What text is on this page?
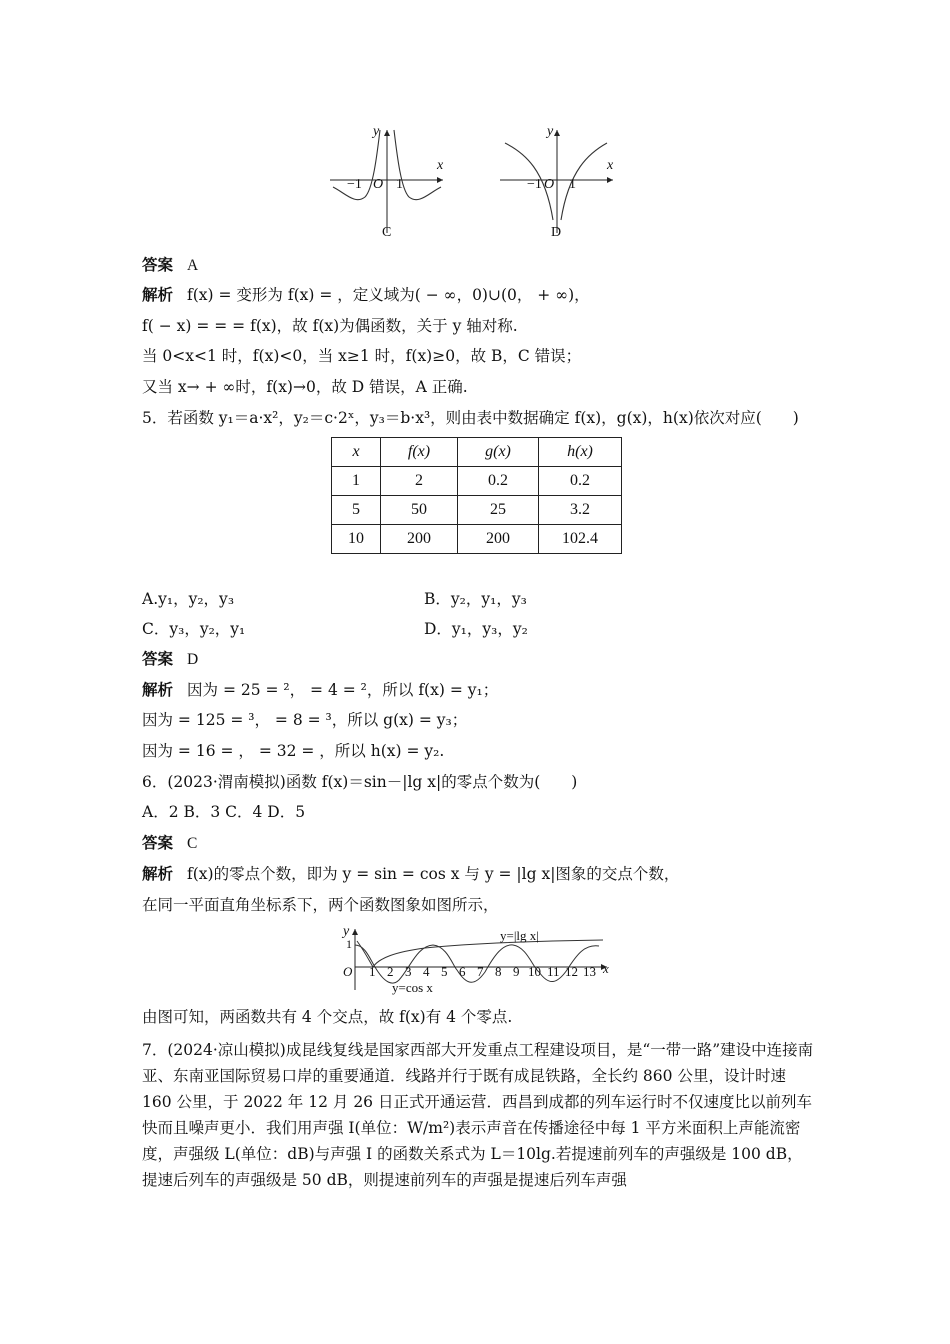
y
x
−1 O 1
C
y
x
−1 O 1
D
答案 A
解析 f(x) = 变形为 f(x) = ，定义域为( − ∞，0)∪(0， + ∞)，
f( − x) = = = f(x)，故 f(x)为偶函数，关于 y 轴对称.
当 0<x<1 时，f(x)<0，当 x≥1 时，f(x)≥0，故 B，C 错误；
又当 x→ + ∞时，f(x)→0，故 D 错误，A 正确.
5．若函数 y₁＝a·x²，y₂＝c·2ˣ，y₃＝b·x³，则由表中数据确定 f(x)，g(x)，h(x)依次对应(　　)
x	f(x)	g(x)	h(x)
1	2	0.2	0.2
5	50	25	3.2
10	200	200	102.4
A.y₁，y₂，y₃	B．y₂，y₁，y₃
C．y₃，y₂，y₁	D．y₁，y₃，y₂
答案 D
解析 因为 = 25 = ²， = 4 = ²，所以 f(x) = y₁；
因为 = 125 = ³， = 8 = ³，所以 g(x) = y₃；
因为 = 16 = ， = 32 = ，所以 h(x) = y₂.
6．(2023·渭南模拟)函数 f(x)＝sin－|lg x|的零点个数为(　　)
A．2 B．3 C．4 D．5
答案 C
解析 f(x)的零点个数，即为 y = sin = cos x 与 y = |lg x|图象的交点个数，
在同一平面直角坐标系下，两个函数图象如图所示，
y
1
y=|lg x|
O 1 2 3 4 5 6 7 8 9 10 11 12 13 x
y=cos x
由图可知，两函数共有 4 个交点，故 f(x)有 4 个零点.
7．(2024·凉山模拟)成昆线复线是国家西部大开发重点工程建设项目，是“一带一路”建设中连接南亚、东南亚国际贸易口岸的重要通道．线路并行于既有成昆铁路，全长约 860 公里，设计时速 160 公里，于 2022 年 12 月 26 日正式开通运营．西昌到成都的列车运行时不仅速度比以前列车快而且噪声更小．我们用声强 I(单位：W/m²)表示声音在传播途径中每 1 平方米面积上声能流密度，声强级 L(单位：dB)与声强 I 的函数关系式为 L＝10lg.若提速前列车的声强级是 100 dB，提速后列车的声强级是 50 dB，则提速前列车的声强是提速后列车声强
